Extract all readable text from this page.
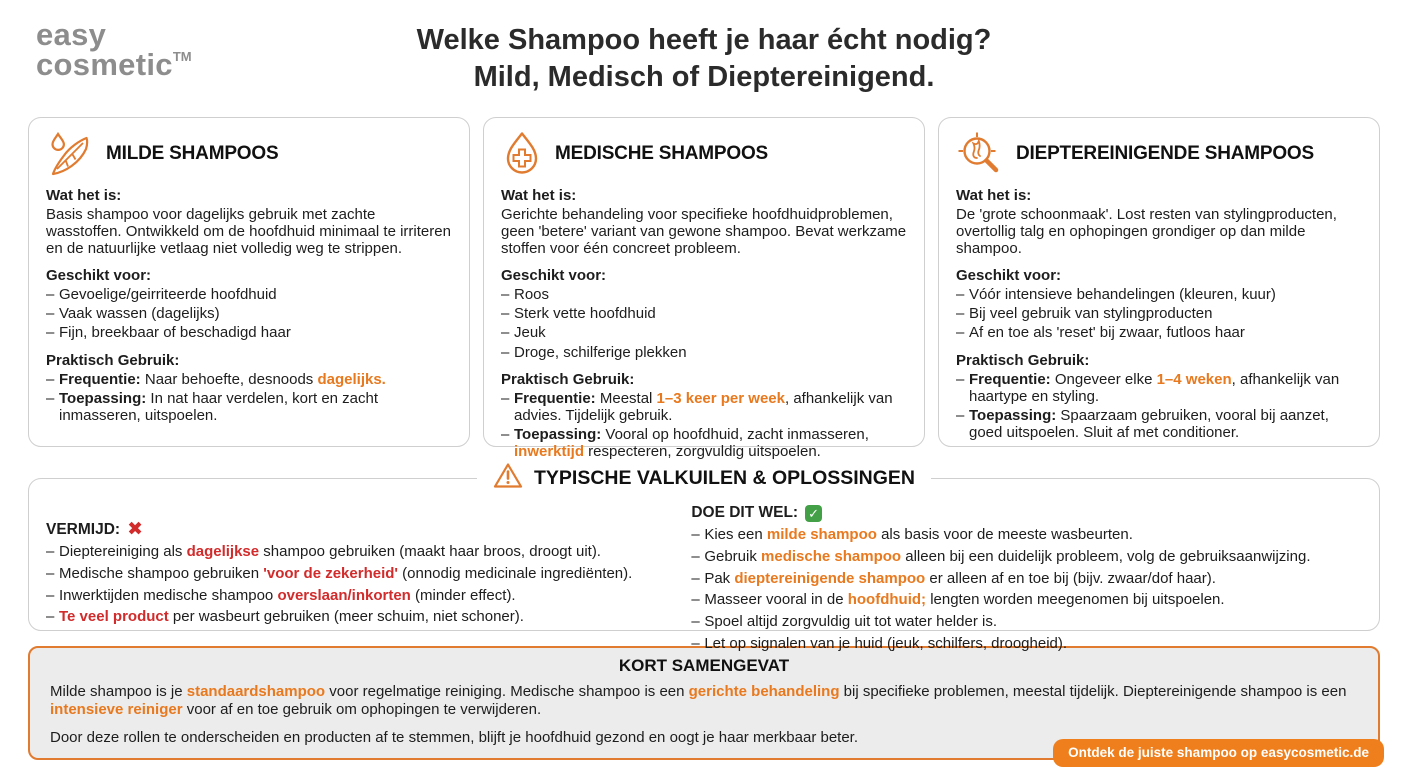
easy
cosmetic™
Welke Shampoo heeft je haar écht nodig?
Mild, Medisch of Dieptereinigend.
MILDE SHAMPOOS
Wat het is:

Basis shampoo voor dagelijks gebruik met zachte wasstoffen. Ontwikkeld om de hoofdhuid minimaal te irriteren en de natuurlijke vetlaag niet volledig weg te strippen.

Geschikt voor:
– Gevoelige/geirriteerde hoofdhuid
– Vaak wassen (dagelijks)
– Fijn, breekbaar of beschadigd haar
Praktisch Gebruik:
– Frequentie: Naar behoefte, desnoods dagelijks.
– Toepassing: In nat haar verdelen, kort en zacht inmasseren, uitspoelen.
MEDISCHE SHAMPOOS
Wat het is:

Gerichte behandeling voor specifieke hoofdhuidproblemen, geen 'betere' variant van gewone shampoo. Bevat werkzame stoffen voor één concreet probleem.

Geschikt voor:
– Roos
– Sterk vette hoofdhuid
– Jeuk
– Droge, schilferige plekken
Praktisch Gebruik:
– Frequentie: Meestal 1–3 keer per week, afhankelijk van advies. Tijdelijk gebruik.
– Toepassing: Vooral op hoofdhuid, zacht inmasseren, inwerktijd respecteren, zorgvuldig uitspoelen.
DIEPTEREINIGENDE SHAMPOOS
Wat het is:

De 'grote schoonmaak'. Lost resten van stylingproducten, overtollig talg en ophopingen grondiger op dan milde shampoo.

Geschikt voor:
– Vóór intensieve behandelingen (kleuren, kuur)
– Bij veel gebruik van stylingproducten
– Af en toe als 'reset' bij zwaar, futloos haar
Praktisch Gebruik:
– Frequentie: Ongeveer elke 1–4 weken, afhankelijk van haartype en styling.
– Toepassing: Spaarzaam gebruiken, vooral bij aanzet, goed uitspoelen. Sluit af met conditioner.
TYPISCHE VALKUILEN & OPLOSSINGEN
VERMIJD: ✖
– Dieptereiniging als dagelijkse shampoo gebruiken (maakt haar broos, droogt uit).
– Medische shampoo gebruiken 'voor de zekerheid' (onnodig medicinale ingrediënten).
– Inwerktijden medische shampoo overslaan/inkorten (minder effect).
– Te veel product per wasbeurt gebruiken (meer schuim, niet schoner).
DOE DIT WEL: ✓
– Kies een milde shampoo als basis voor de meeste wasbeurten.
– Gebruik medische shampoo alleen bij een duidelijk probleem, volg de gebruiksaanwijzing.
– Pak dieptereinigende shampoo er alleen af en toe bij (bijv. zwaar/dof haar).
– Masseer vooral in de hoofdhuid; lengten worden meegenomen bij uitspoelen.
– Spoel altijd zorgvuldig uit tot water helder is.
– Let op signalen van je huid (jeuk, schilfers, droogheid).
KORT SAMENGEVAT

Milde shampoo is je standaardshampoo voor regelmatige reiniging. Medische shampoo is een gerichte behandeling bij specifieke problemen, meestal tijdelijk. Dieptereinigende shampoo is een intensieve reiniger voor af en toe gebruik om ophopingen te verwijderen.

Door deze rollen te onderscheiden en producten af te stemmen, blijft je hoofdhuid gezond en oogt je haar merkbaar beter.

Ontdek de juiste shampoo op easycosmetic.de
